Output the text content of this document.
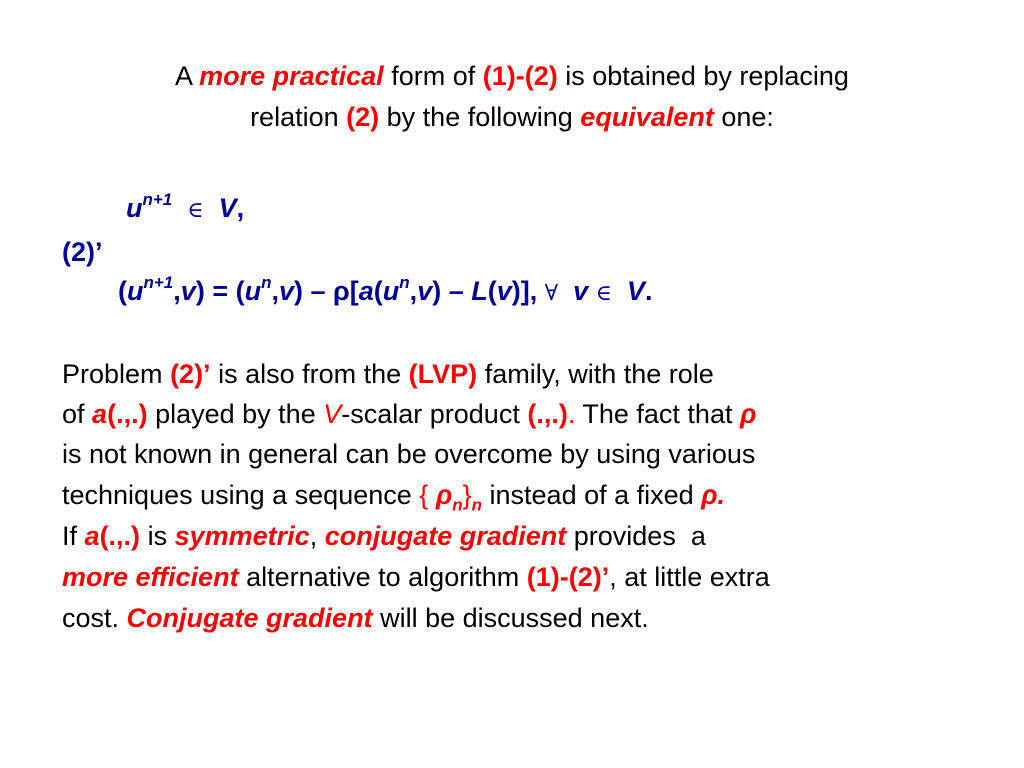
A more practical form of (1)-(2) is obtained by replacing
relation (2) by the following equivalent one:
$u^{n+1}$ ∈ V,
(2)’
$(u^{n+1},v) = (u^n,v) - \rho[a(u^n,v) - L(v)]$, ∀ v ∈ V.
Problem (2)’ is also from the (LVP) family, with the role
of a(.,.) played by the V-scalar product (.,.). The fact that ρ
is not known in general can be overcome by using various
techniques using a sequence { $\rho_n\}_n$ instead of a fixed ρ.
If a(.,.) is symmetric, conjugate gradient provides  a
more efficient alternative to algorithm (1)-(2)’, at little extra
cost. Conjugate gradient will be discussed next.
